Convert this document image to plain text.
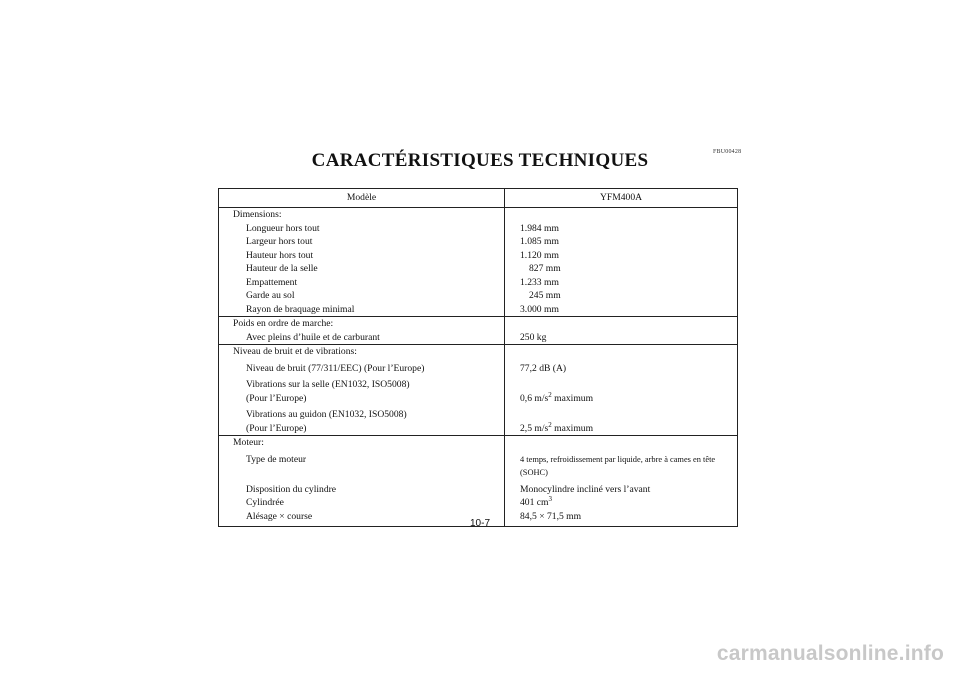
FBU00428
CARACTÉRISTIQUES TECHNIQUES
Modèle	YFM400A
Dimensions:	
Longueur hors tout	1.984 mm
Largeur hors tout	1.085 mm
Hauteur hors tout	1.120 mm
Hauteur de la selle	827 mm
Empattement	1.233 mm
Garde au sol	245 mm
Rayon de braquage minimal	3.000 mm
Poids en ordre de marche:	
Avec pleins d’huile et de carburant	250 kg
Niveau de bruit et de vibrations:	

Niveau de bruit (77/311/EEC) (Pour l’Europe)	77,2 dB (A)

Vibrations sur la selle (EN1032, ISO5008)	
(Pour l’Europe)	0,6 $m/s^2$ maximum

Vibrations au guidon (EN1032, ISO5008)	
(Pour l’Europe)	2,5 $m/s^2$ maximum
Moteur:	

Type de moteur	4 temps, refroidissement par liquide, arbre à cames en tête
	(SOHC)

Disposition du cylindre	Monocylindre incliné vers l’avant
Cylindrée	401 $cm^3$
Alésage × course	84,5 × 71,5 mm

10-7
carmanualsonline.info
